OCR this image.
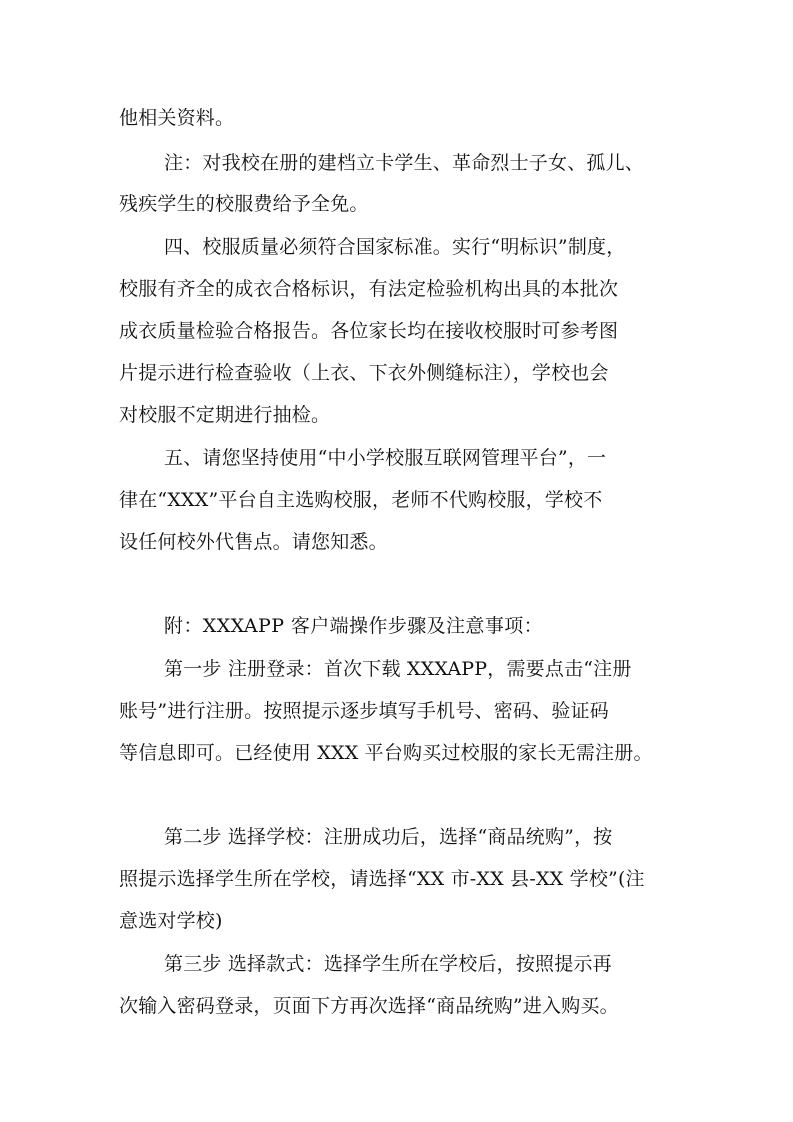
他相关资料。
注：对我校在册的建档立卡学生、革命烈士子女、孤儿、
残疾学生的校服费给予全免。
四、校服质量必须符合国家标准。实行“明标识”制度，
校服有齐全的成衣合格标识，有法定检验机构出具的本批次
成衣质量检验合格报告。各位家长均在接收校服时可参考图
片提示进行检查验收（上衣、下衣外侧缝标注），学校也会
对校服不定期进行抽检。
五、请您坚持使用“中小学校服互联网管理平台”，一
律在“XXX”平台自主选购校服，老师不代购校服，学校不
设任何校外代售点。请您知悉。
附：XXXAPP 客户端操作步骤及注意事项：
第一步 注册登录：首次下载 XXXAPP，需要点击“注册
账号”进行注册。按照提示逐步填写手机号、密码、验证码
等信息即可。已经使用 XXX 平台购买过校服的家长无需注册。
第二步 选择学校：注册成功后，选择“商品统购”，按
照提示选择学生所在学校，请选择“XX 市-XX 县-XX 学校”(注
意选对学校)
第三步 选择款式：选择学生所在学校后，按照提示再
次输入密码登录，页面下方再次选择“商品统购”进入购买。
